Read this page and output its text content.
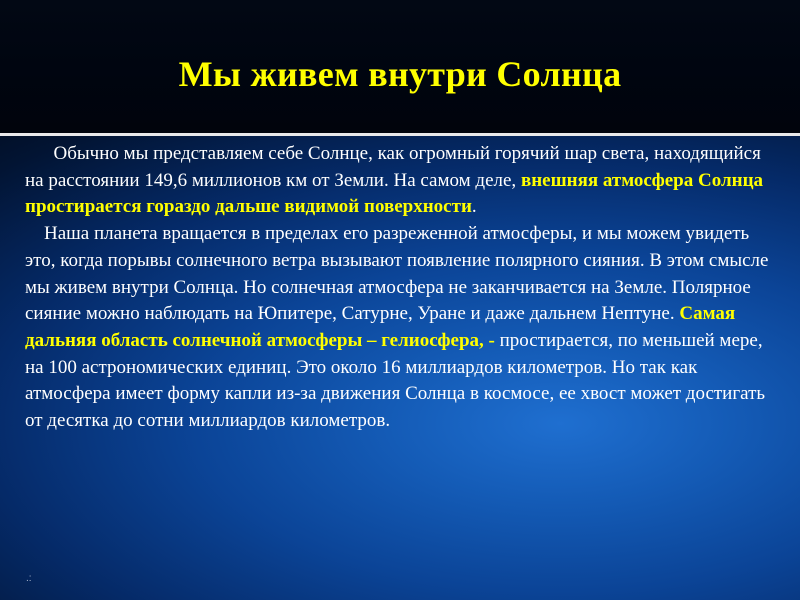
Мы живем внутри Солнца

Обычно мы представляем себе Солнце, как огромный горячий шар света, находящийся на расстоянии 149,6 миллионов км от Земли. На самом деле, внешняя атмосфера Солнца простирается гораздо дальше видимой поверхности.

Наша планета вращается в пределах его разреженной атмосферы, и мы можем увидеть это, когда порывы солнечного ветра вызывают появление полярного сияния. В этом смысле мы живем внутри Солнца. Но солнечная атмосфера не заканчивается на Земле. Полярное сияние можно наблюдать на Юпитере, Сатурне, Уране и даже дальнем Нептуне. Самая дальняя область солнечной атмосферы – гелиосфера, - простирается, по меньшей мере, на 100 астрономических единиц. Это около 16 миллиардов километров. Но так как атмосфера имеет форму капли из-за движения Солнца в космосе, ее хвост может достигать от десятка до сотни миллиардов километров.

.:
